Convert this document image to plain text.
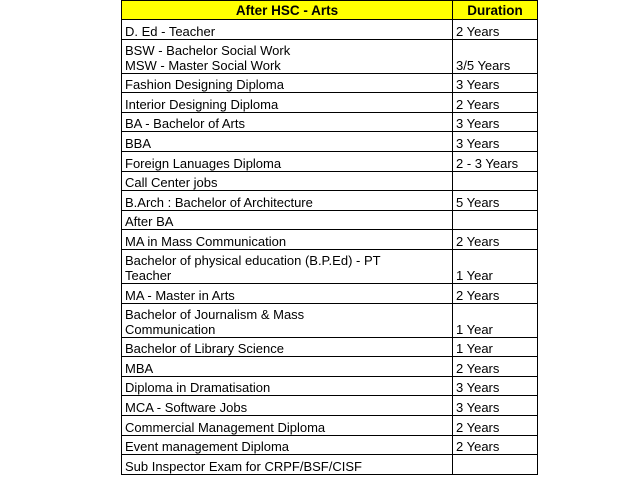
After HSC - Arts	Duration

D. Ed - Teacher	2 Years

BSW - Bachelor Social Work
MSW - Master Social Work	3/5 Years

Fashion Designing Diploma	3 Years

Interior Designing Diploma	2 Years

BA - Bachelor of Arts	3 Years

BBA	3 Years

Foreign Lanuages Diploma	2 - 3 Years

Call Center jobs	

B.Arch : Bachelor of Architecture	5 Years

After BA	

MA in Mass Communication	2 Years

Bachelor of physical education (B.P.Ed) - PT
Teacher	1 Year

MA - Master in Arts	2 Years

Bachelor of Journalism & Mass
Communication	1 Year

Bachelor of Library Science	1 Year

MBA	2 Years

Diploma in Dramatisation	3 Years

MCA - Software Jobs	3 Years

Commercial Management Diploma	2 Years

Event management Diploma	2 Years

Sub Inspector Exam for CRPF/BSF/CISF	
